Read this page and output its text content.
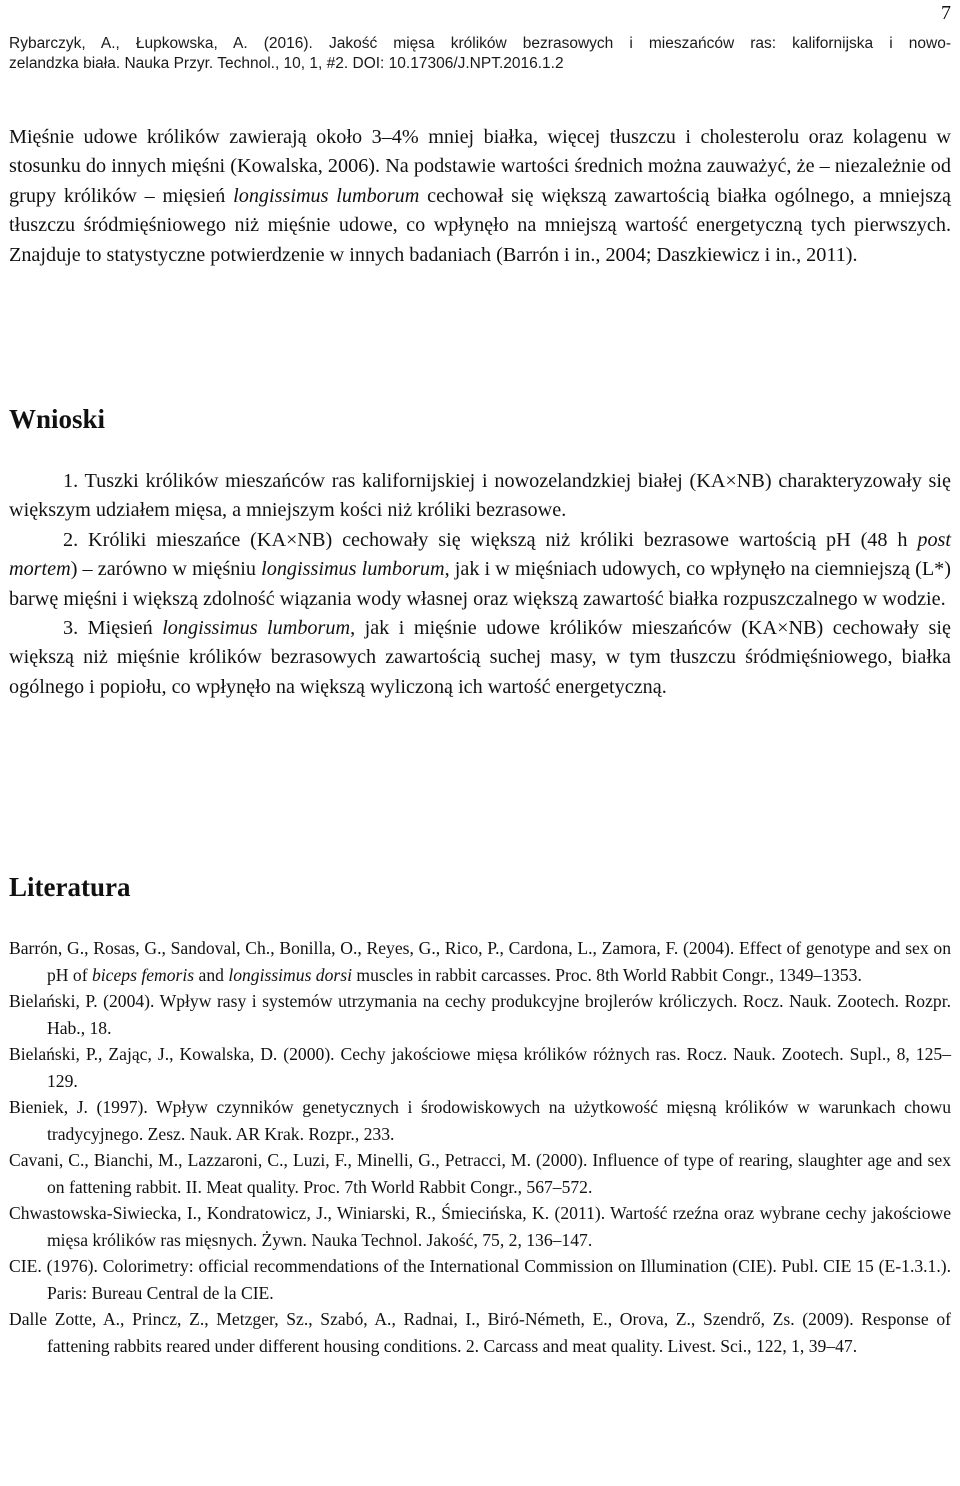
7
Rybarczyk, A., Łupkowska, A. (2016). Jakość mięsa królików bezrasowych i mieszańców ras: kalifornijska i nowo-
zelandzka biała. Nauka Przyr. Technol., 10, 1, #2. DOI: 10.17306/J.NPT.2016.1.2

Mięśnie udowe królików zawierają około 3–4% mniej białka, więcej tłuszczu i cholesterolu oraz kolagenu w stosunku do innych mięśni (Kowalska, 2006). Na podstawie wartości średnich można zauważyć, że – niezależnie od grupy królików – mięsień longissimus lumborum cechował się większą zawartością białka ogólnego, a mniejszą tłuszczu śródmięśniowego niż mięśnie udowe, co wpłynęło na mniejszą wartość energetyczną tych pierwszych. Znajduje to statystyczne potwierdzenie w innych badaniach (Barrón i in., 2004; Daszkiewicz i in., 2011).

Wnioski
1. Tuszki królików mieszańców ras kalifornijskiej i nowozelandzkiej białej (KA×NB) charakteryzowały się większym udziałem mięsa, a mniejszym kości niż króliki bezrasowe.
2. Króliki mieszańce (KA×NB) cechowały się większą niż króliki bezrasowe wartością pH (48 h post mortem) – zarówno w mięśniu longissimus lumborum, jak i w mięśniach udowych, co wpłynęło na ciemniejszą (L*) barwę mięśni i większą zdolność wiązania wody własnej oraz większą zawartość białka rozpuszczalnego w wodzie.
3. Mięsień longissimus lumborum, jak i mięśnie udowe królików mieszańców (KA×NB) cechowały się większą niż mięśnie królików bezrasowych zawartością suchej masy, w tym tłuszczu śródmięśniowego, białka ogólnego i popiołu, co wpłynęło na większą wyliczoną ich wartość energetyczną.
Literatura
Barrón, G., Rosas, G., Sandoval, Ch., Bonilla, O., Reyes, G., Rico, P., Cardona, L., Zamora, F. (2004). Effect of genotype and sex on pH of biceps femoris and longissimus dorsi muscles in rabbit carcasses. Proc. 8th World Rabbit Congr., 1349–1353.
Bielański, P. (2004). Wpływ rasy i systemów utrzymania na cechy produkcyjne brojlerów króliczych. Rocz. Nauk. Zootech. Rozpr. Hab., 18.
Bielański, P., Zając, J., Kowalska, D. (2000). Cechy jakościowe mięsa królików różnych ras. Rocz. Nauk. Zootech. Supl., 8, 125–129.
Bieniek, J. (1997). Wpływ czynników genetycznych i środowiskowych na użytkowość mięsną królików w warunkach chowu tradycyjnego. Zesz. Nauk. AR Krak. Rozpr., 233.
Cavani, C., Bianchi, M., Lazzaroni, C., Luzi, F., Minelli, G., Petracci, M. (2000). Influence of type of rearing, slaughter age and sex on fattening rabbit. II. Meat quality. Proc. 7th World Rabbit Congr., 567–572.
Chwastowska-Siwiecka, I., Kondratowicz, J., Winiarski, R., Śmiecińska, K. (2011). Wartość rzeźna oraz wybrane cechy jakościowe mięsa królików ras mięsnych. Żywn. Nauka Technol. Jakość, 75, 2, 136–147.
CIE. (1976). Colorimetry: official recommendations of the International Commission on Illumination (CIE). Publ. CIE 15 (E-1.3.1.). Paris: Bureau Central de la CIE.
Dalle Zotte, A., Princz, Z., Metzger, Sz., Szabó, A., Radnai, I., Biró-Németh, E., Orova, Z., Szendrő, Zs. (2009). Response of fattening rabbits reared under different housing conditions. 2. Carcass and meat quality. Livest. Sci., 122, 1, 39–47.
